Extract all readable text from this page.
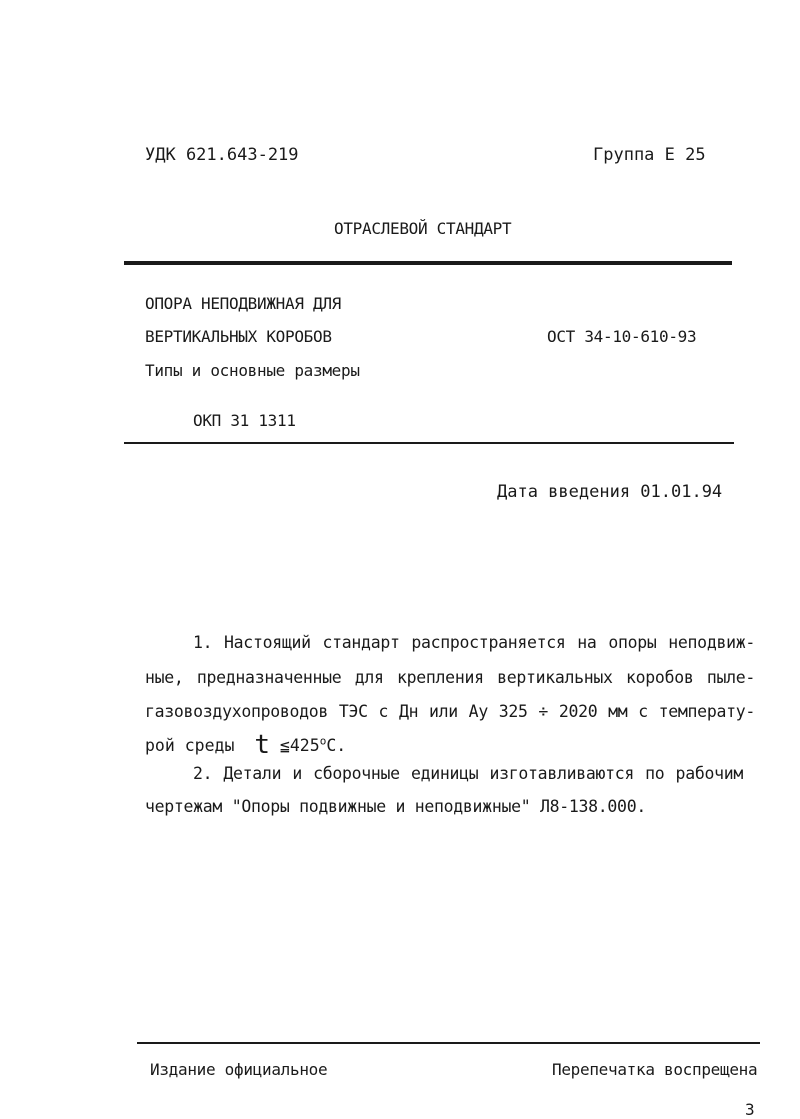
УДК 621.643-219	Группа Е 25
ОТРАСЛЕВОЙ СТАНДАРТ
ОПОРА НЕПОДВИЖНАЯ ДЛЯ
ВЕРТИКАЛЬНЫХ КОРОБОВ	ОСТ 34-10-610-93
Типы и основные размеры
ОКП 31 1311
Дата введения 01.01.94
1. Настоящий стандарт распространяется на опоры неподвиж-
ные, предназначенные для крепления вертикальных коробов пыле-
газовоздухопроводов ТЭС с Дн или Ау 325 ÷ 2020 мм с температу-
рой среды t $≦425^оС$.
2. Детали и сборочные единицы изготавливаются по рабочим
чертежам "Опоры подвижные и неподвижные" Л8-138.000.
Издание официальное	Перепечатка воспрещена
3
